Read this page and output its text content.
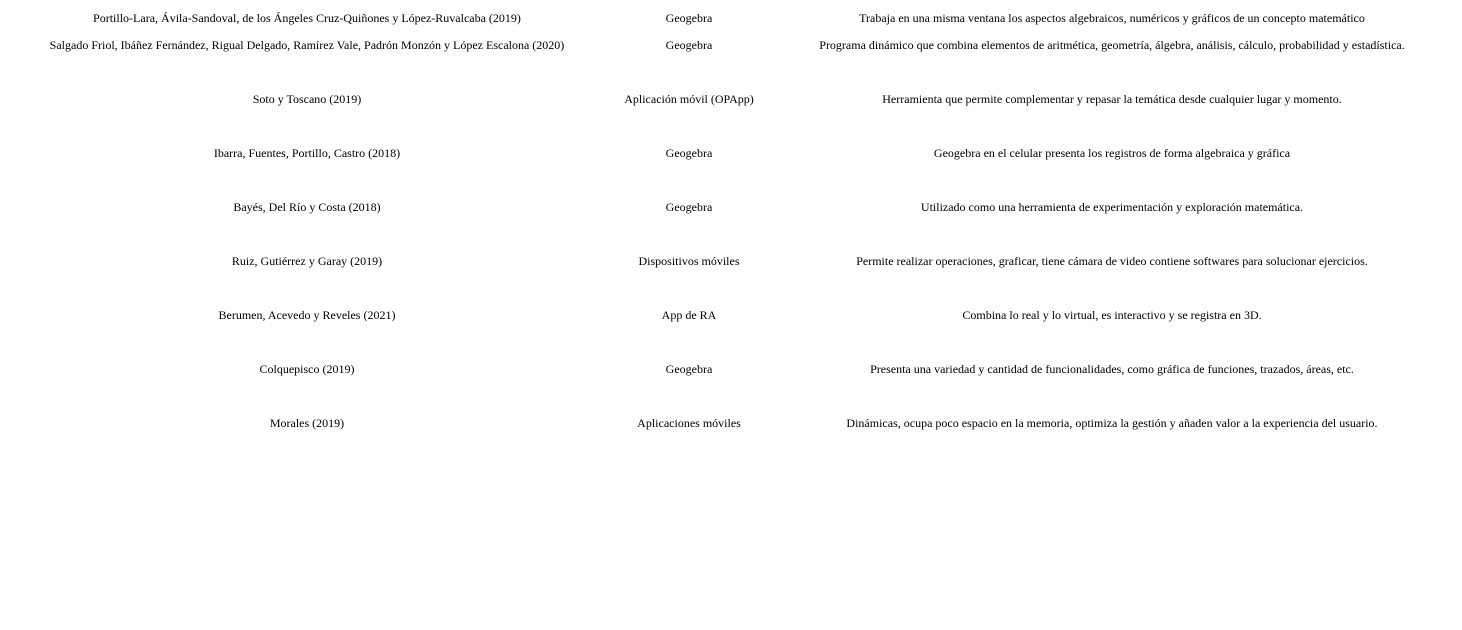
Portillo-Lara, Ávila-Sandoval, de los Ángeles Cruz-Quiñones y López-Ruvalcaba (2019)	Geogebra	Trabaja en una misma ventana los aspectos algebraicos, numéricos y gráficos de un concepto matemático
Salgado Friol, Ibáñez Fernández, Rigual Delgado, Ramírez Vale, Padrón Monzón y López Escalona (2020)	Geogebra	Programa dinámico que combina elementos de aritmética, geometría, álgebra, análisis, cálculo, probabilidad y estadística.
Soto y Toscano (2019)	Aplicación móvil (OPApp)	Herramienta que permite complementar y repasar la temática desde cualquier lugar y momento.
Ibarra, Fuentes, Portillo, Castro (2018)	Geogebra	Geogebra en el celular presenta los registros de forma algebraica y gráfica
Bayés, Del Río y Costa (2018)	Geogebra	Utilizado como una herramienta de experimentación y exploración matemática.
Ruiz, Gutiérrez y Garay (2019)	Dispositivos móviles	Permite realizar operaciones, graficar, tiene cámara de video contiene softwares para solucionar ejercicios.
Berumen, Acevedo y Reveles (2021)	App de RA	Combina lo real y lo virtual, es interactivo y se registra en 3D.
Colquepisco (2019)	Geogebra	Presenta una variedad y cantidad de funcionalidades, como gráfica de funciones, trazados, áreas, etc.
Morales (2019)	Aplicaciones móviles	Dinámicas, ocupa poco espacio en la memoria, optimiza la gestión y añaden valor a la experiencia del usuario.
